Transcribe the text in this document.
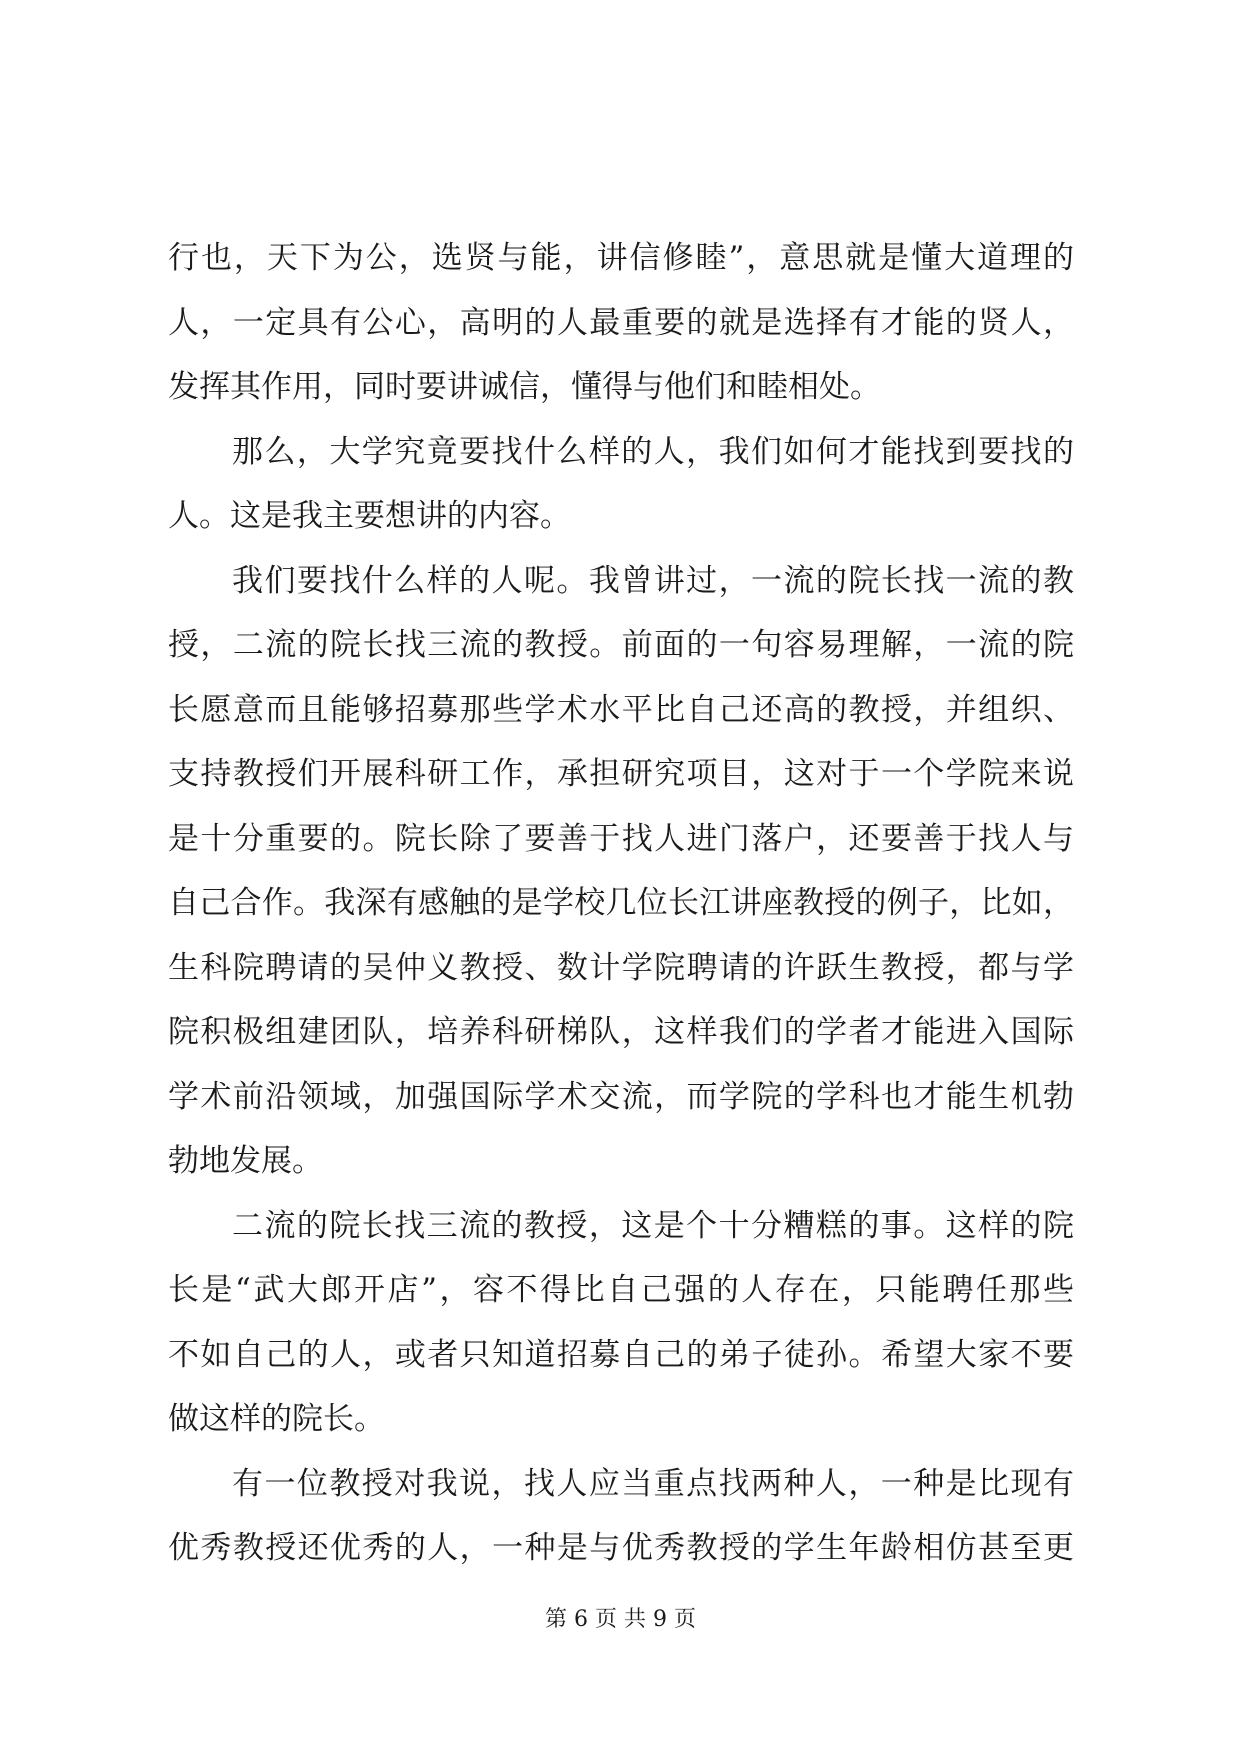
行也，天下为公，选贤与能，讲信修睦”，意思就是懂大道理的
人，一定具有公心，高明的人最重要的就是选择有才能的贤人，
发挥其作用，同时要讲诚信，懂得与他们和睦相处。
那么，大学究竟要找什么样的人，我们如何才能找到要找的
人。这是我主要想讲的内容。
我们要找什么样的人呢。我曾讲过，一流的院长找一流的教
授，二流的院长找三流的教授。前面的一句容易理解，一流的院
长愿意而且能够招募那些学术水平比自己还高的教授，并组织、
支持教授们开展科研工作，承担研究项目，这对于一个学院来说
是十分重要的。院长除了要善于找人进门落户，还要善于找人与
自己合作。我深有感触的是学校几位长江讲座教授的例子，比如，
生科院聘请的吴仲义教授、数计学院聘请的许跃生教授，都与学
院积极组建团队，培养科研梯队，这样我们的学者才能进入国际
学术前沿领域，加强国际学术交流，而学院的学科也才能生机勃
勃地发展。
二流的院长找三流的教授，这是个十分糟糕的事。这样的院
长是“武大郎开店”，容不得比自己强的人存在，只能聘任那些
不如自己的人，或者只知道招募自己的弟子徒孙。希望大家不要
做这样的院长。
有一位教授对我说，找人应当重点找两种人，一种是比现有
优秀教授还优秀的人，一种是与优秀教授的学生年龄相仿甚至更
第 6 页 共 9 页
